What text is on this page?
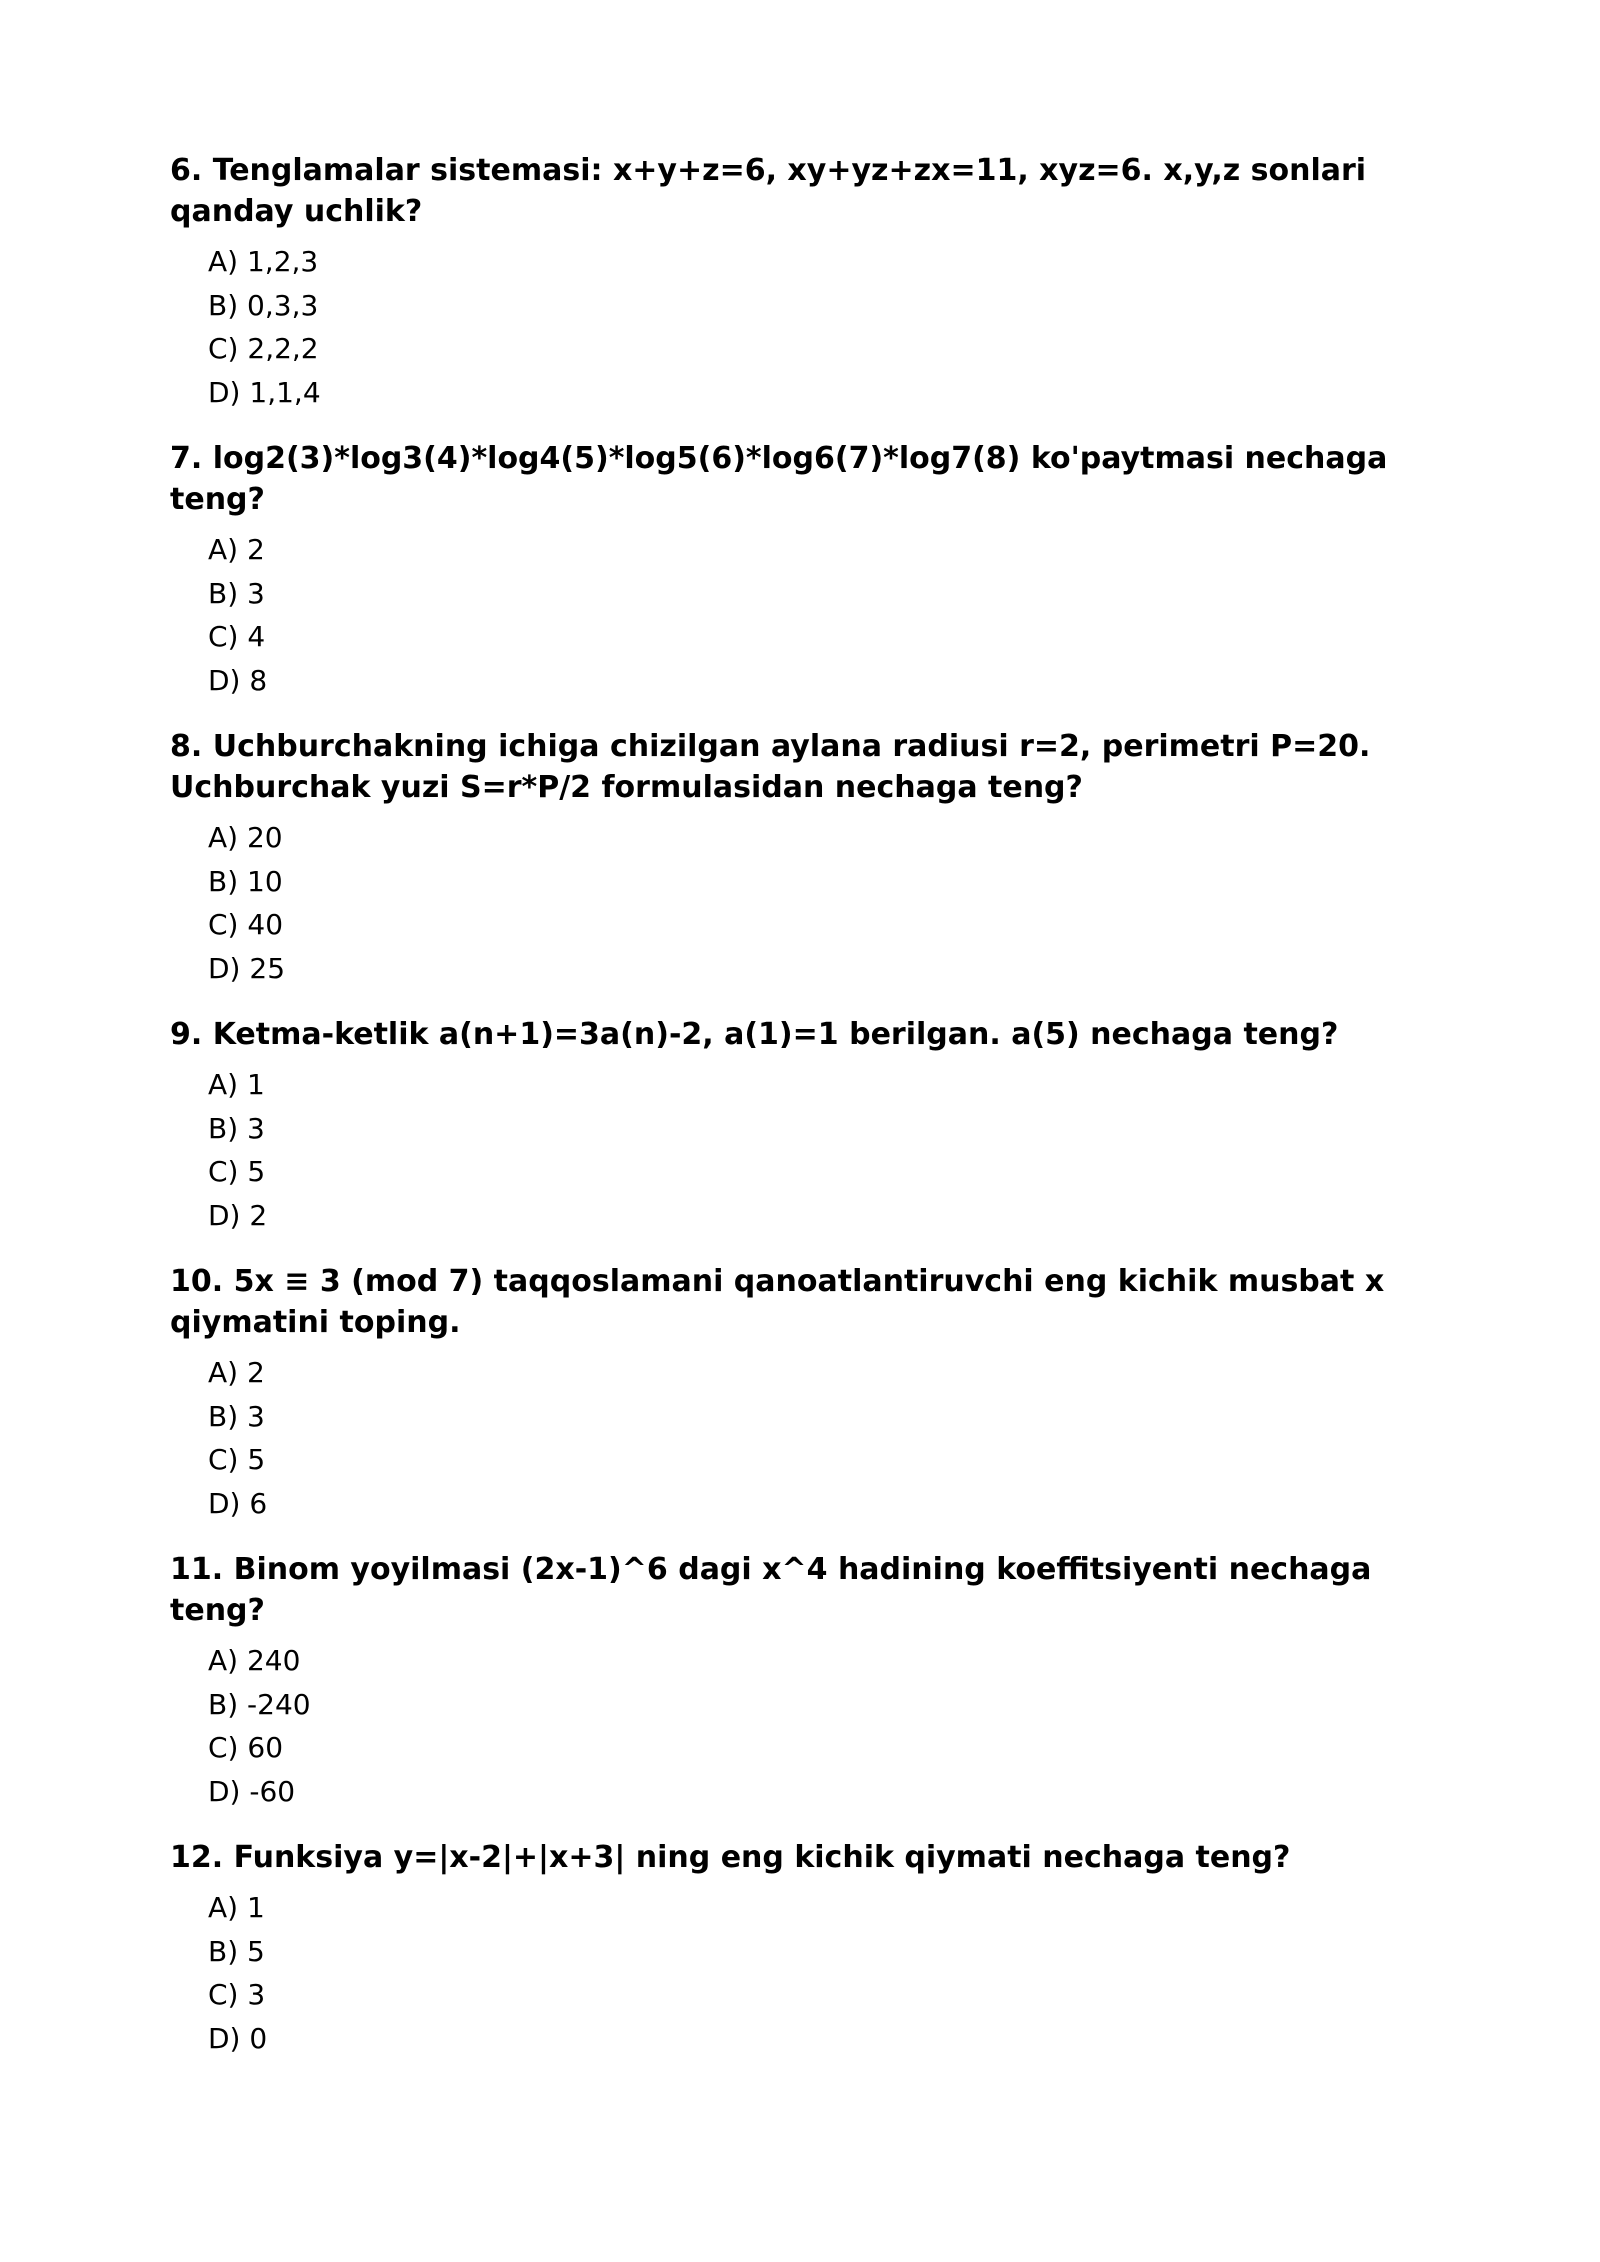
6. Tenglamalar sistemasi: x+y+z=6, xy+yz+zx=11, xyz=6. x,y,z sonlari qanday uchlik?
A) 1,2,3
B) 0,3,3
C) 2,2,2
D) 1,1,4
7. log2(3)*log3(4)*log4(5)*log5(6)*log6(7)*log7(8) ko'paytmasi nechaga teng?
A) 2
B) 3
C) 4
D) 8
8. Uchburchakning ichiga chizilgan aylana radiusi r=2, perimetri P=20. Uchburchak yuzi S=r*P/2 formulasidan nechaga teng?
A) 20
B) 10
C) 40
D) 25
9. Ketma-ketlik a(n+1)=3a(n)-2, a(1)=1 berilgan. a(5) nechaga teng?
A) 1
B) 3
C) 5
D) 2
10. 5x ≡ 3 (mod 7) taqqoslamani qanoatlantiruvchi eng kichik musbat x qiymatini toping.
A) 2
B) 3
C) 5
D) 6
11. Binom yoyilmasi (2x-1)^6 dagi x^4 hadining koeffitsiyenti nechaga teng?
A) 240
B) -240
C) 60
D) -60
12. Funksiya y=|x-2|+|x+3| ning eng kichik qiymati nechaga teng?
A) 1
B) 5
C) 3
D) 0
